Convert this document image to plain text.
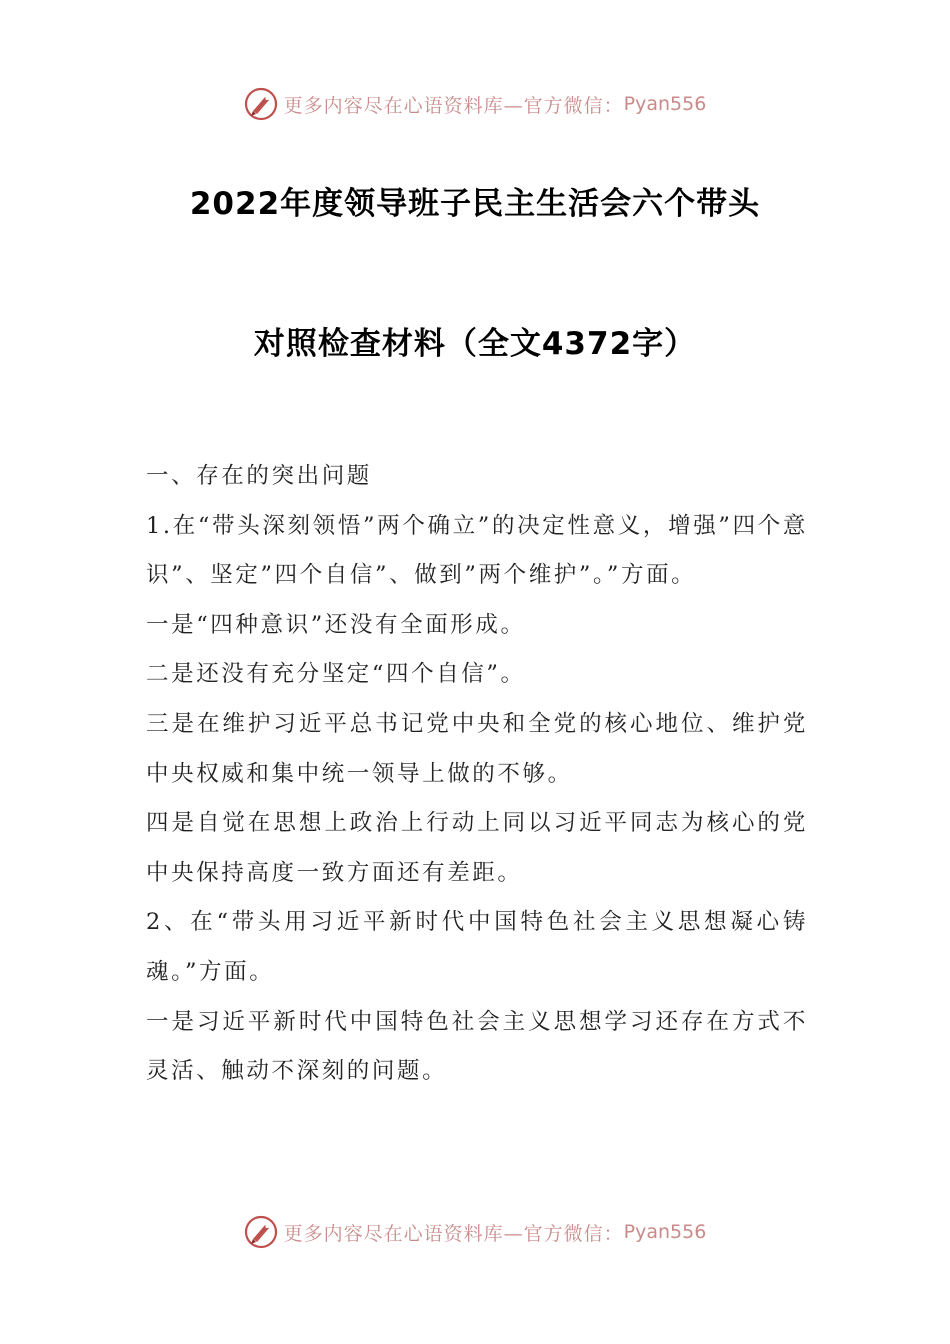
更多内容尽在心语资料库—官方微信： Pyan556
2022年度领导班子民主生活会六个带头
对照检查材料（全文4372字）

一、存在的突出问题

1.在“带头深刻领悟”两个确立”的决定性意义，增强”四个意识”、坚定”四个自信”、做到”两个维护”。”方面。

一是“四种意识”还没有全面形成。

二是还没有充分坚定“四个自信”。

三是在维护习近平总书记党中央和全党的核心地位、维护党中央权威和集中统一领导上做的不够。

四是自觉在思想上政治上行动上同以习近平同志为核心的党中央保持高度一致方面还有差距。

2、在“带头用习近平新时代中国特色社会主义思想凝心铸魂。”方面。

一是习近平新时代中国特色社会主义思想学习还存在方式不灵活、触动不深刻的问题。

更多内容尽在心语资料库—官方微信： Pyan556
